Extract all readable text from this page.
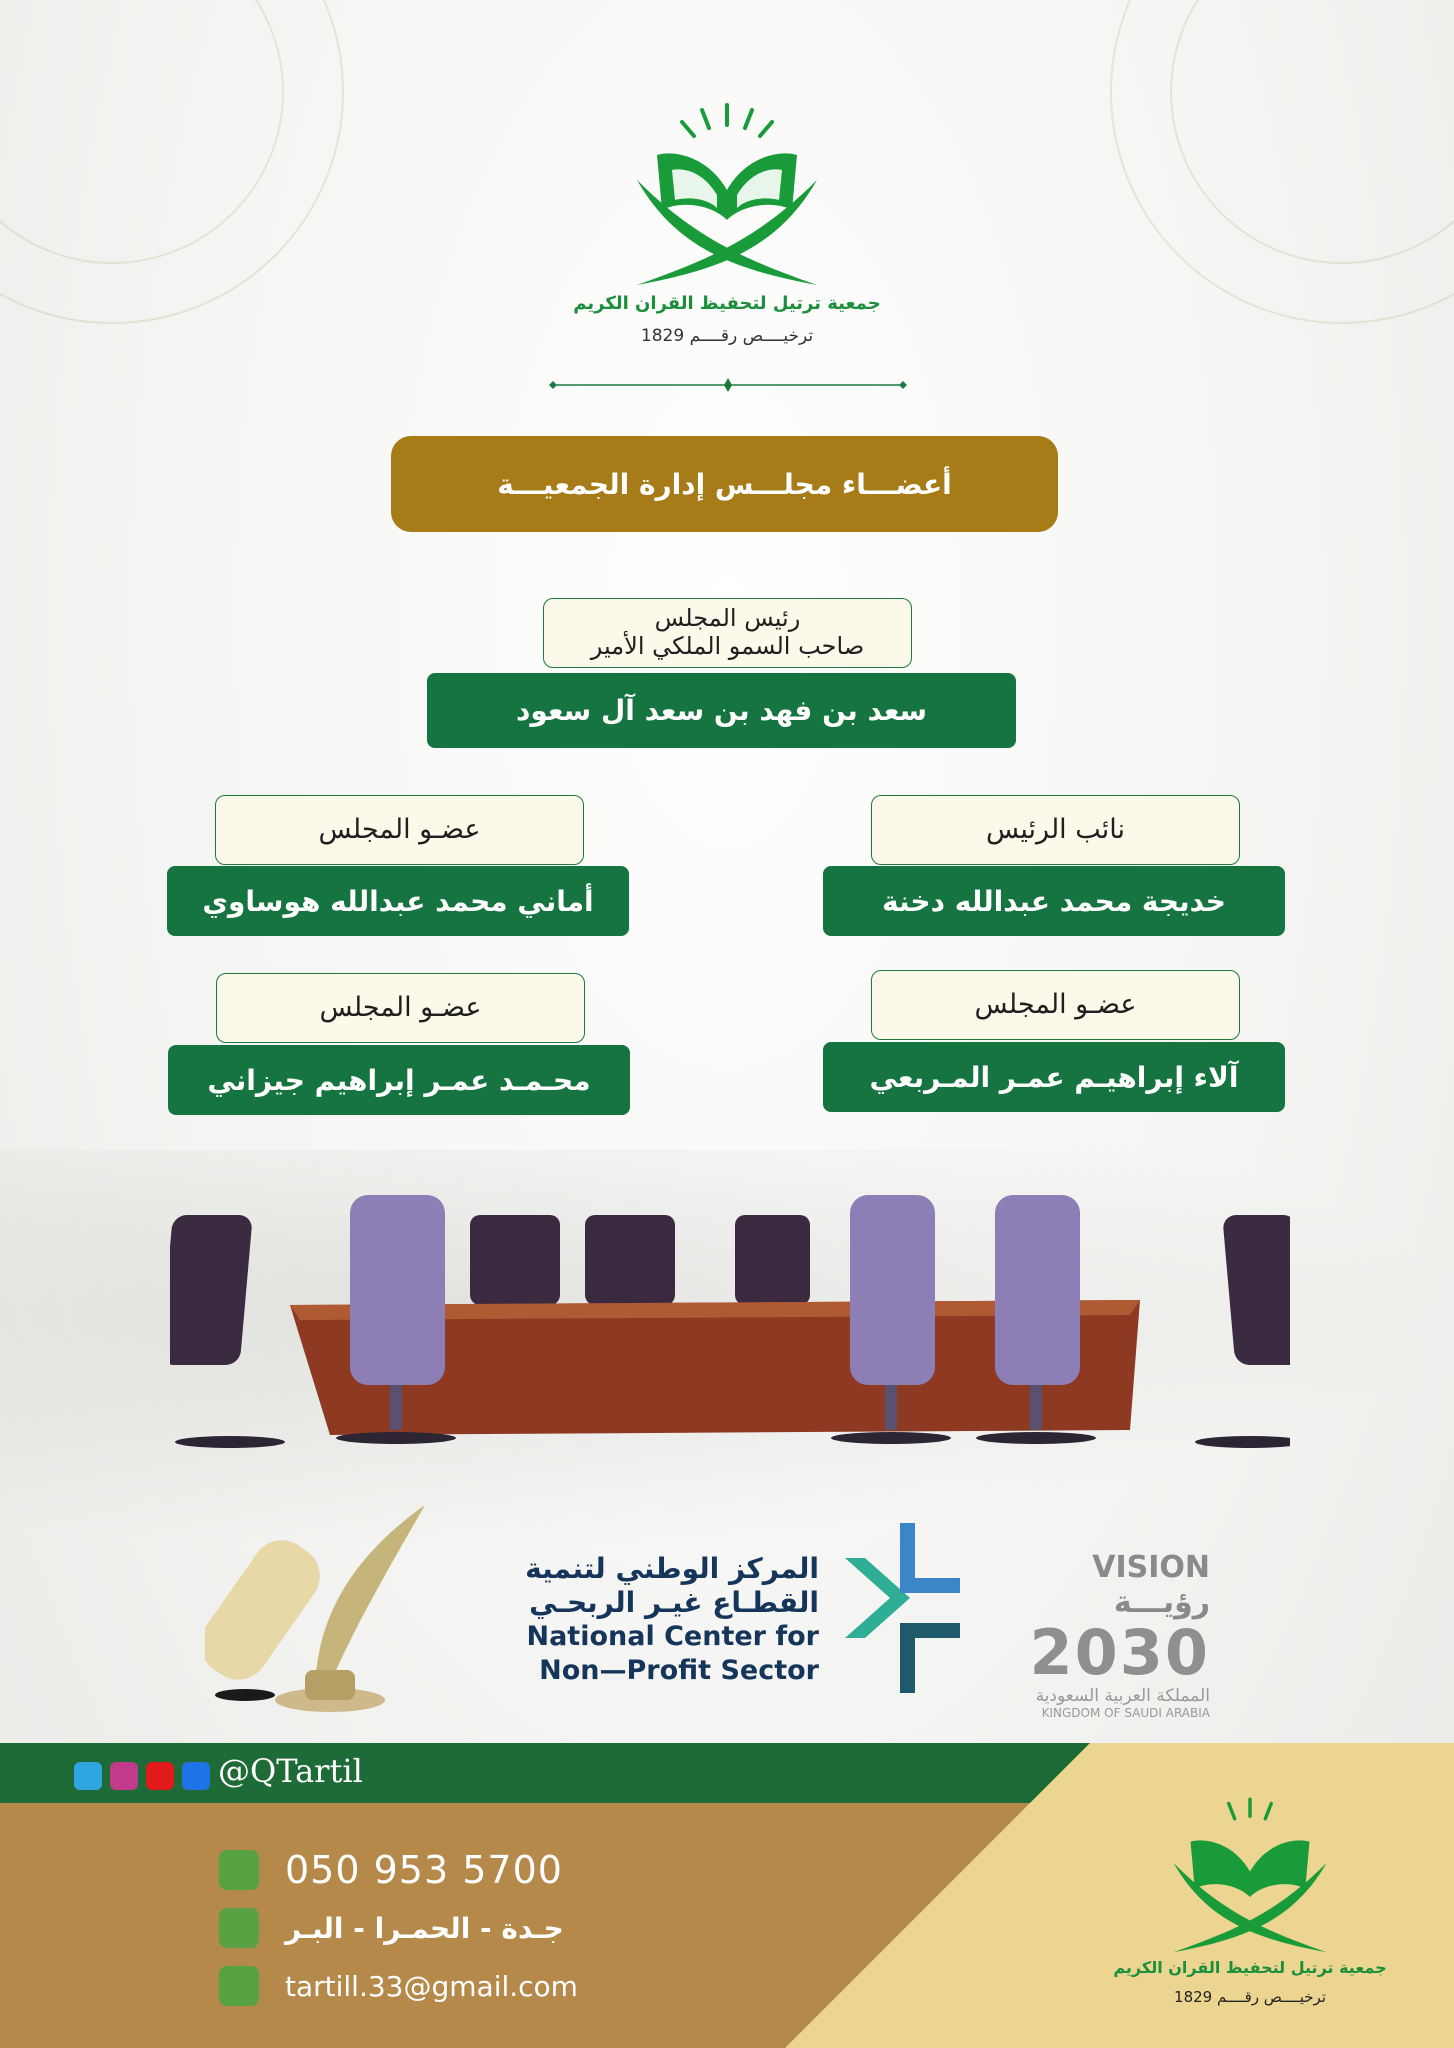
جمعية ترتيل لتحفيظ القران الكريم
ترخيــــص رقــــم 1829
أعضـــاء مجلـــس إدارة الجمعيـــة
رئيس المجلس
صاحب السمو الملكي الأمير
سعد بن فهد بن سعد آل سعود
نائب الرئيس
خديجة محمد عبدالله دخنة
عضـو المجلس
أماني محمد عبدالله هوساوي
عضـو المجلس
آلاء إبراهيـم عمـر المـربعي
عضـو المجلس
محـمـد عمـر إبراهيم جيزاني
المركز الوطني لتنمية
القطـاع غيـر الربحـي
National Center for
Non—Profit Sector
VISION رؤيـــة
2030
المملكة العربية السعودية
KINGDOM OF SAUDI ARABIA
@QTartil
050 953 5700
جـدة - الحمـرا - البـر
tartill.33@gmail.com
جمعية ترتيل لتحفيظ القران الكريم
ترخيــــص رقــــم 1829
